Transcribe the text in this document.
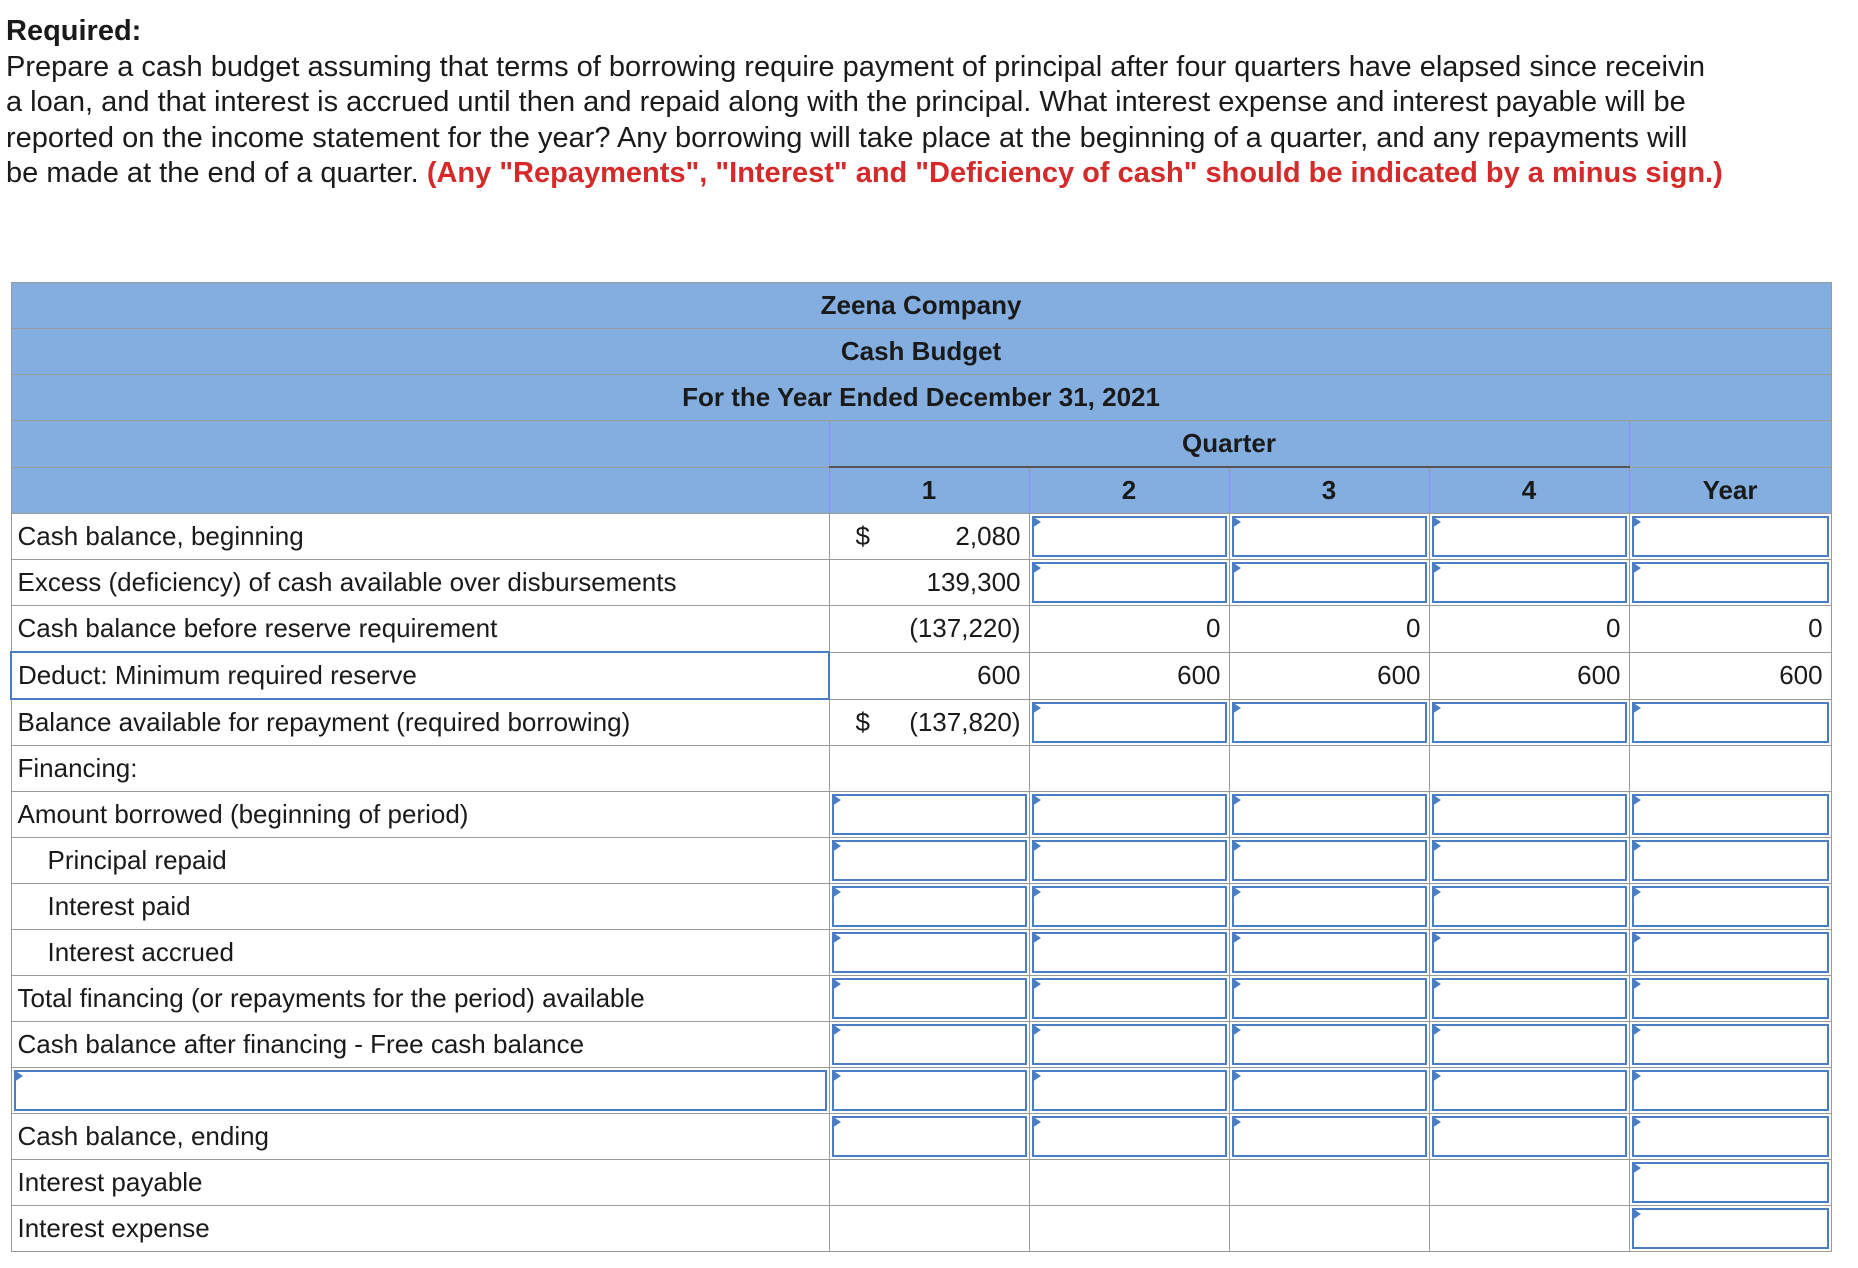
Required:
Prepare a cash budget assuming that terms of borrowing require payment of principal after four quarters have elapsed since receivin
a loan, and that interest is accrued until then and repaid along with the principal. What interest expense and interest payable will be
reported on the income statement for the year? Any borrowing will take place at the beginning of a quarter, and any repayments will
be made at the end of a quarter. (Any "Repayments", "Interest" and "Deficiency of cash" should be indicated by a minus sign.)
Zeena Company					
Cash Budget					
For the Year Ended December 31, 2021					
	Quarter				
	1	2	3	4	Year
Cash balance, beginning	$ 2,080				

Excess (deficiency) of cash available over disbursements	139,300	

Cash balance before reserve requirement	(137,220)	0	0	0	0
Deduct: Minimum required reserve	600	600	600	600	600
Balance available for repayment (required borrowing)	$ (137,820)				

Financing:					
Amount borrowed (beginning of period)	

Principal repaid	

Interest paid	

Interest accrued	

Total financing (or repayments for the period) available	

Cash balance after financing - Free cash balance	

Cash balance, ending	

Interest payable					

Interest expense					
